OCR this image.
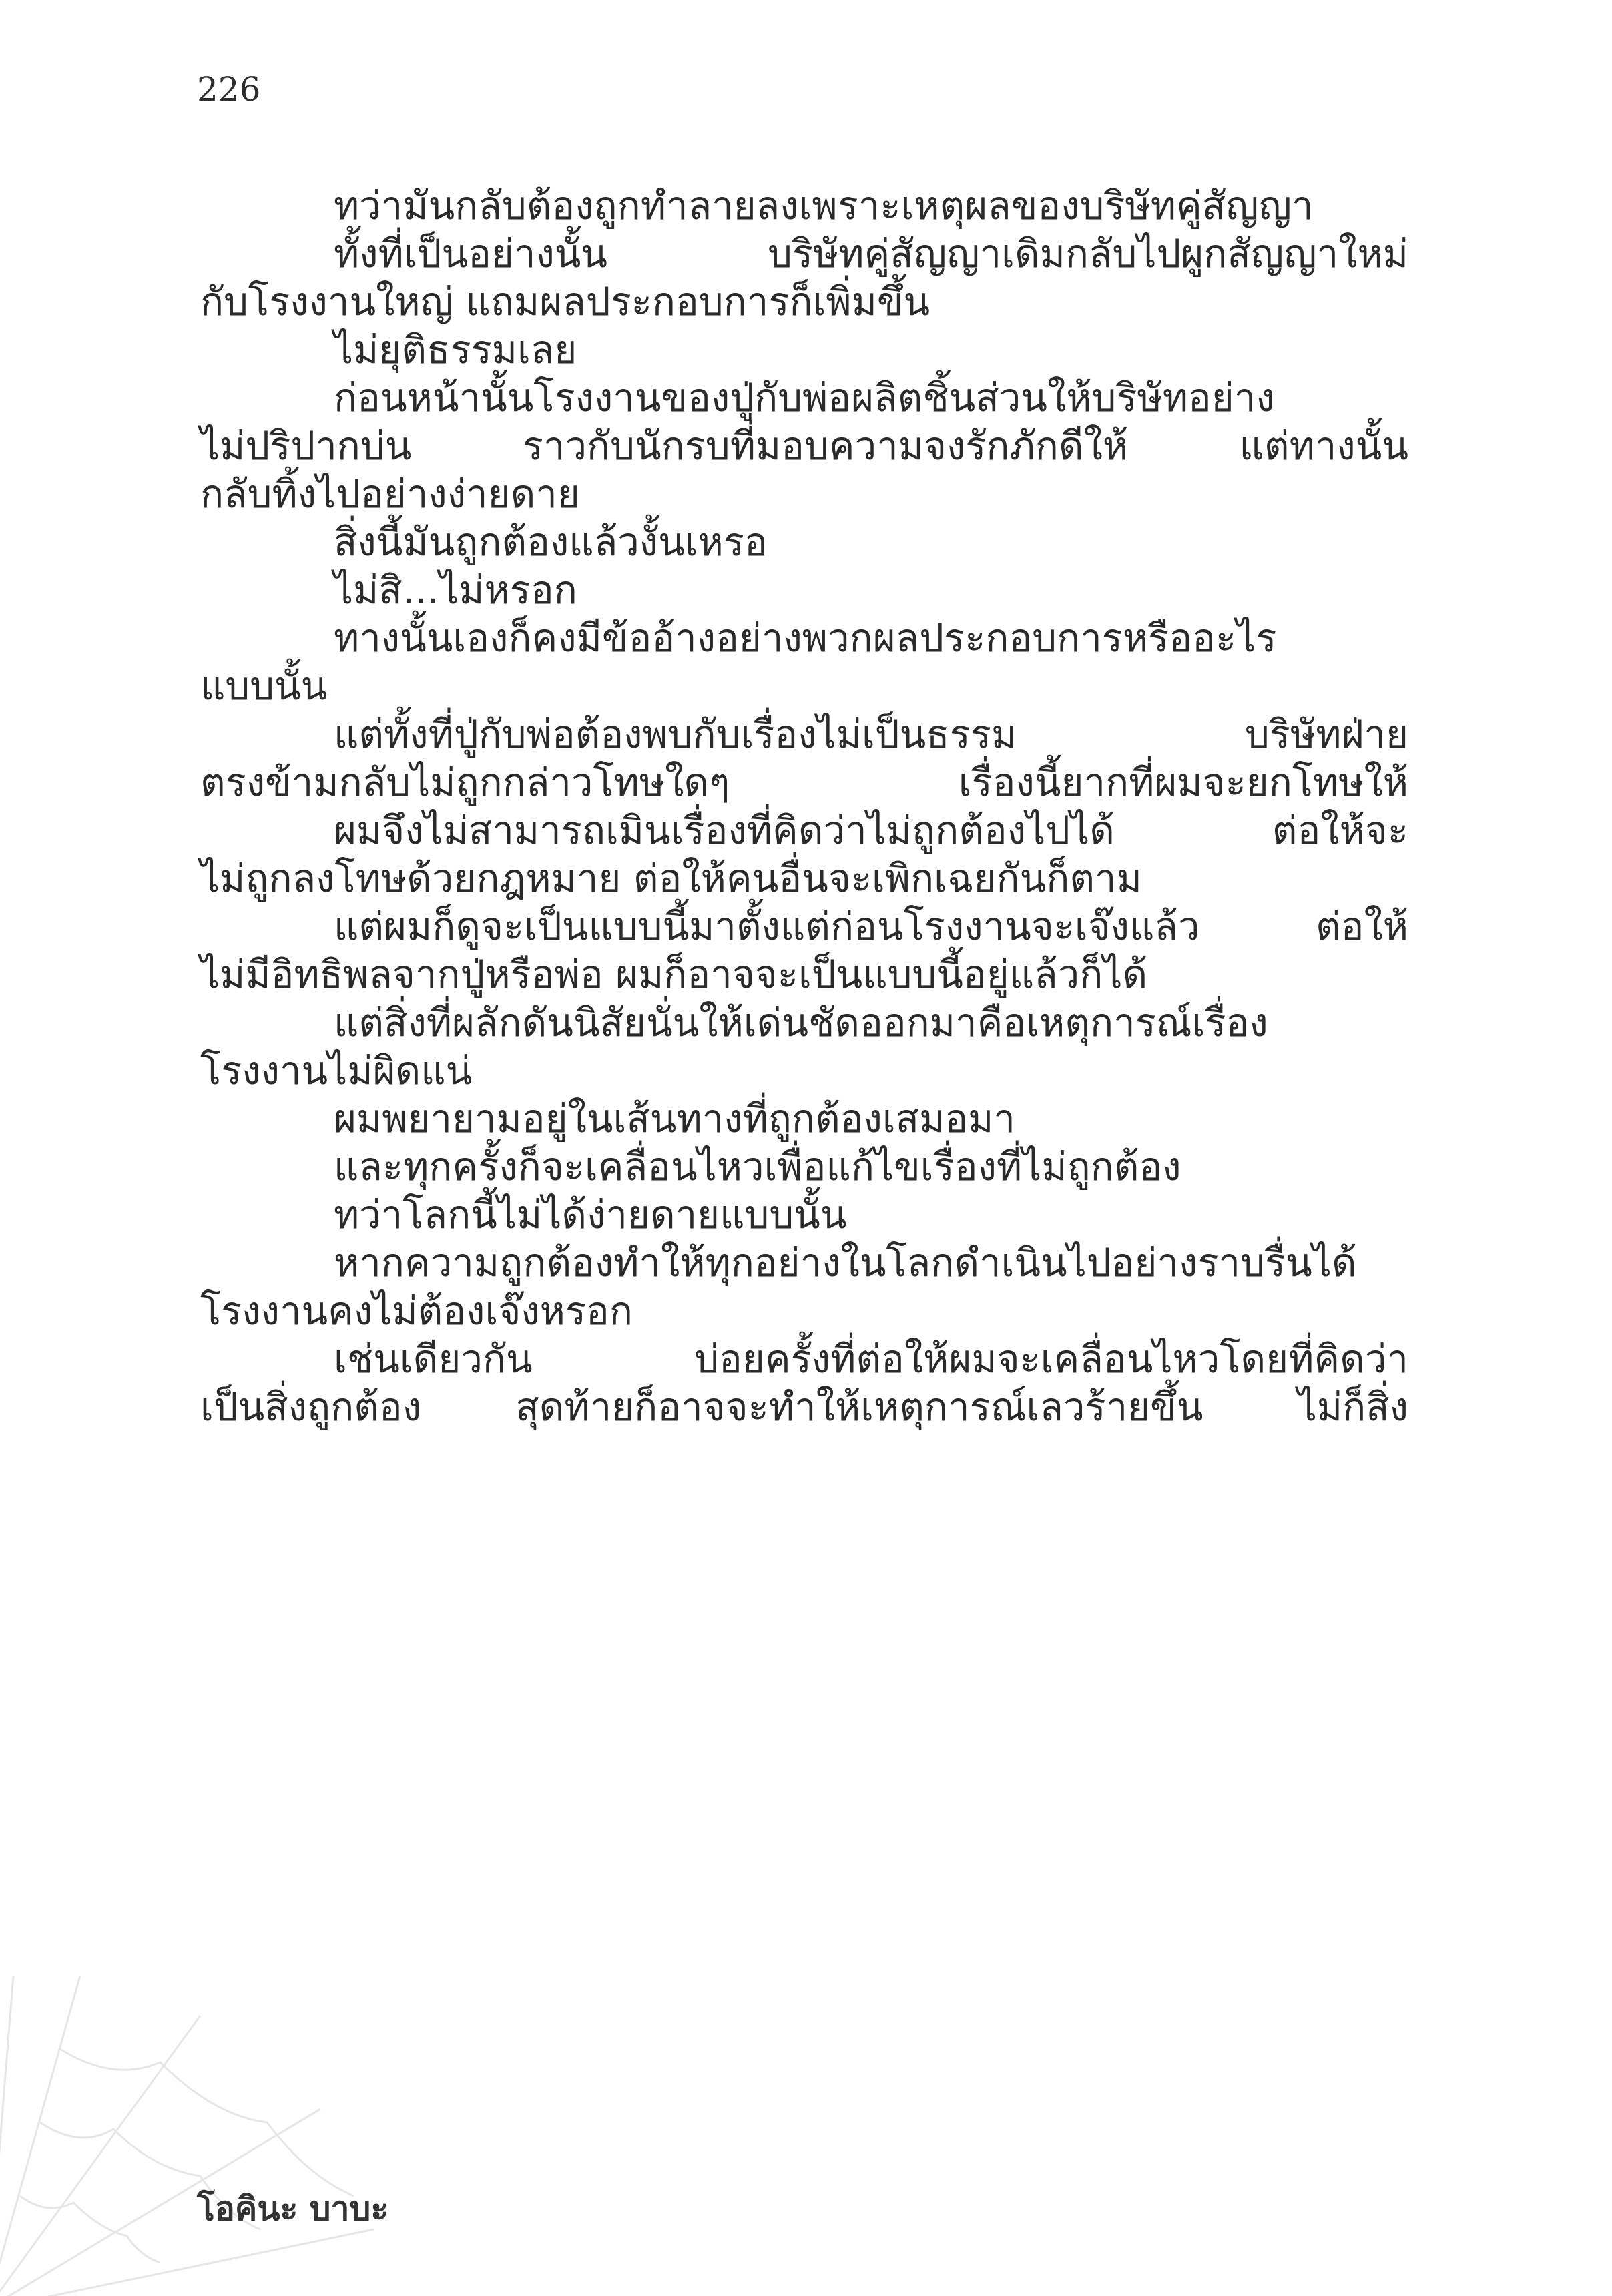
226
ทว่ามันกลับต้องถูกทำลายลงเพราะเหตุผลของบริษัทคู่สัญญา
ทั้งที่เป็นอย่างนั้น	บริษัทคู่สัญญาเดิมกลับไปผูกสัญญาใหม่
กับโรงงานใหญ่ แถมผลประกอบการก็เพิ่มขึ้น
ไม่ยุติธรรมเลย
ก่อนหน้านั้นโรงงานของปู่กับพ่อผลิตชิ้นส่วนให้บริษัทอย่าง
ไม่ปริปากบ่น	ราวกับนักรบที่มอบความจงรักภักดีให้	แต่ทางนั้น
กลับทิ้งไปอย่างง่ายดาย
สิ่งนี้มันถูกต้องแล้วงั้นเหรอ
ไม่สิ...ไม่หรอก
ทางนั้นเองก็คงมีข้ออ้างอย่างพวกผลประกอบการหรืออะไร
แบบนั้น
แต่ทั้งที่ปู่กับพ่อต้องพบกับเรื่องไม่เป็นธรรม	บริษัทฝ่าย
ตรงข้ามกลับไม่ถูกกล่าวโทษใดๆ	เรื่องนี้ยากที่ผมจะยกโทษให้
ผมจึงไม่สามารถเมินเรื่องที่คิดว่าไม่ถูกต้องไปได้	ต่อให้จะ
ไม่ถูกลงโทษด้วยกฎหมาย ต่อให้คนอื่นจะเพิกเฉยกันก็ตาม
แต่ผมก็ดูจะเป็นแบบนี้มาตั้งแต่ก่อนโรงงานจะเจ๊งแล้ว	ต่อให้
ไม่มีอิทธิพลจากปู่หรือพ่อ ผมก็อาจจะเป็นแบบนี้อยู่แล้วก็ได้
แต่สิ่งที่ผลักดันนิสัยนั่นให้เด่นชัดออกมาคือเหตุการณ์เรื่อง
โรงงานไม่ผิดแน่
ผมพยายามอยู่ในเส้นทางที่ถูกต้องเสมอมา
และทุกครั้งก็จะเคลื่อนไหวเพื่อแก้ไขเรื่องที่ไม่ถูกต้อง
ทว่าโลกนี้ไม่ได้ง่ายดายแบบนั้น
หากความถูกต้องทำให้ทุกอย่างในโลกดำเนินไปอย่างราบรื่นได้
โรงงานคงไม่ต้องเจ๊งหรอก
เช่นเดียวกัน	บ่อยครั้งที่ต่อให้ผมจะเคลื่อนไหวโดยที่คิดว่า
เป็นสิ่งถูกต้อง สุดท้ายก็อาจจะทำให้เหตุการณ์เลวร้ายขึ้น ไม่ก็สิ่ง
โอคินะ บาบะ
